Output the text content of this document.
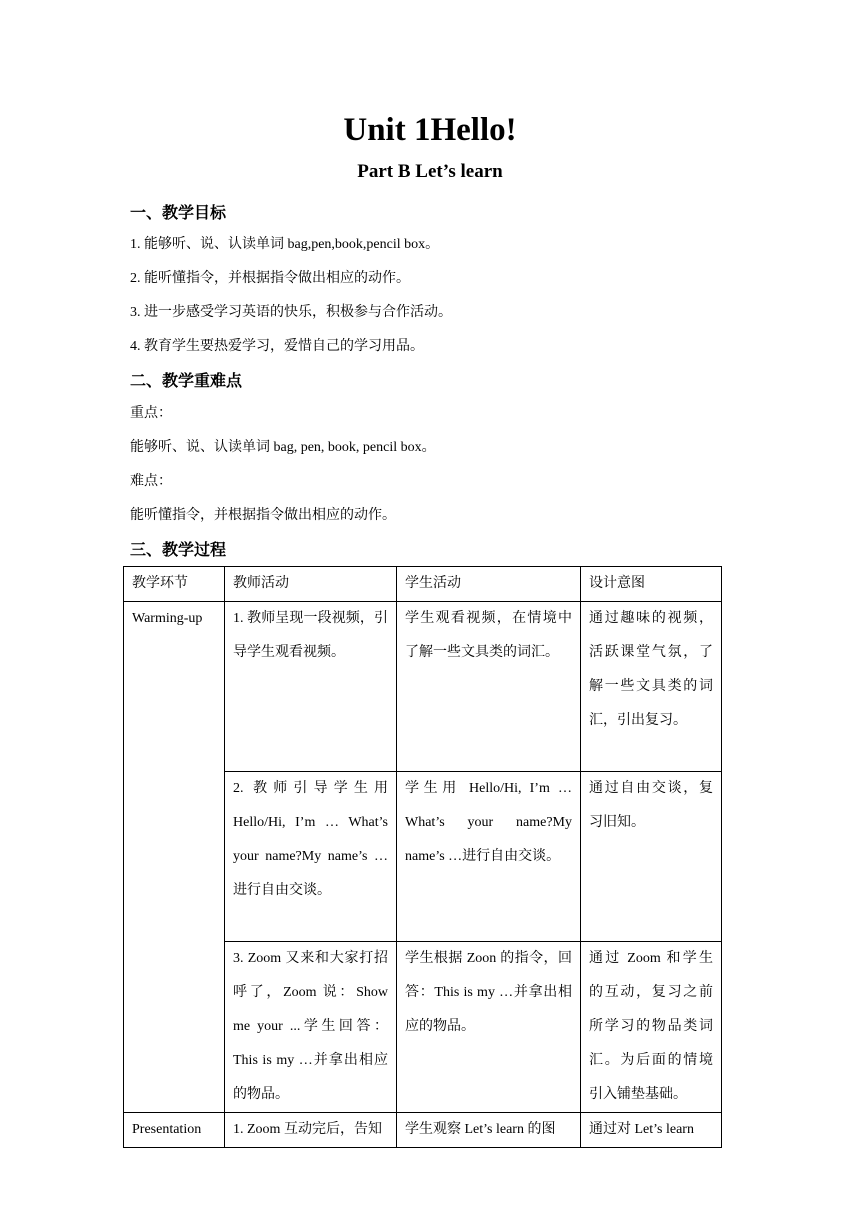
Unit 1Hello!
Part B Let’s learn
一、教学目标
1. 能够听、说、认读单词 bag,pen,book,pencil box。
2. 能听懂指令，并根据指令做出相应的动作。
3. 进一步感受学习英语的快乐，积极参与合作活动。
4. 教育学生要热爱学习，爱惜自己的学习用品。
二、教学重难点
重点：
能够听、说、认读单词 bag, pen, book, pencil box。
难点：
能听懂指令，并根据指令做出相应的动作。
三、教学过程
教学环节	教师活动	学生活动	设计意图
Warming-up	1. 教师呈现一段视频，引导学生观看视频。	学生观看视频，在情境中了解一些文具类的词汇。	通过趣味的视频，活跃课堂气氛，了解一些文具类的词汇，引出复习。
	2. 教师引导学生用 Hello/Hi, I’m … What’s your name?My name’s …进行自由交谈。	学生用 Hello/Hi, I’m … What’s your name?My name’s …进行自由交谈。	通过自由交谈，复习旧知。
	3. Zoom 又来和大家打招呼了，Zoom 说：Show me your ...学生回答：This is my …并拿出相应的物品。	学生根据 Zoon 的指令，回答：This is my …并拿出相应的物品。	通过 Zoom 和学生的互动，复习之前所学习的物品类词汇。为后面的情境引入铺垫基础。
Presentation	1. Zoom 互动完后，告知	学生观察 Let’s learn 的图	通过对 Let’s learn
